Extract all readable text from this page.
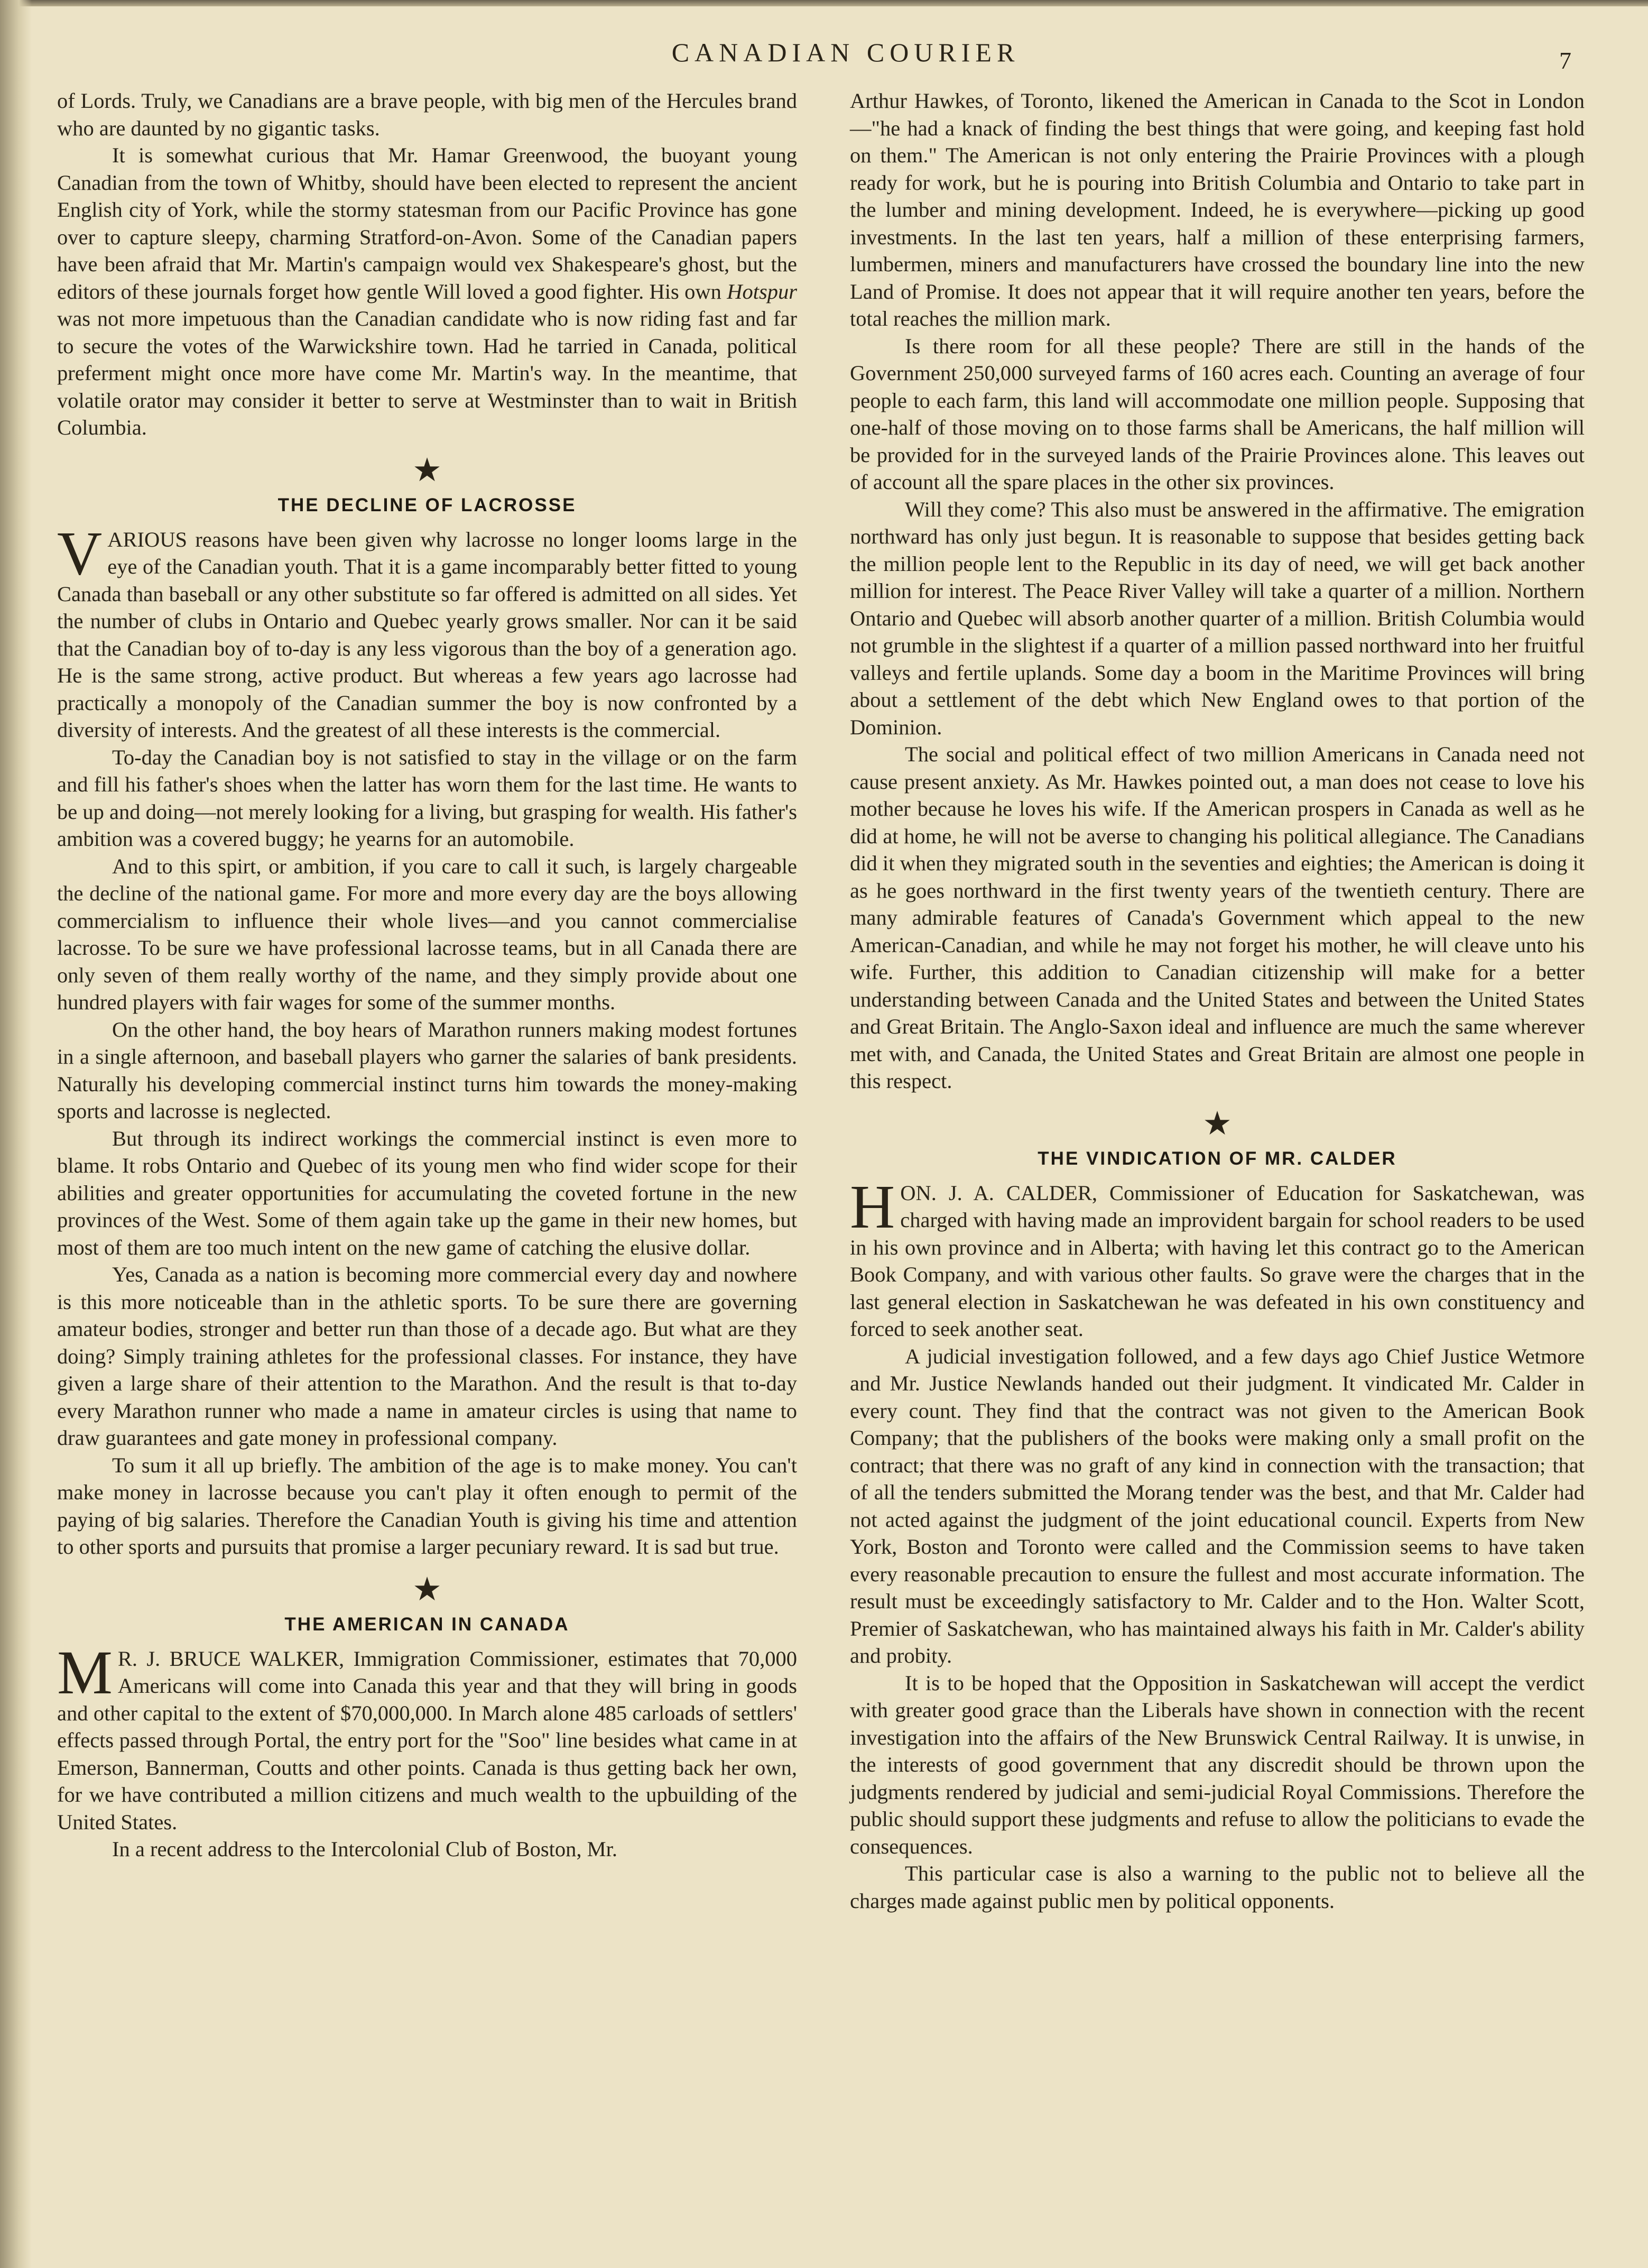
CANADIAN COURIER	7

of Lords. Truly, we Canadians are a brave people, with big men of the Hercules brand who are daunted by no gigantic tasks.

It is somewhat curious that Mr. Hamar Greenwood, the buoyant young Canadian from the town of Whitby, should have been elected to represent the ancient English city of York, while the stormy statesman from our Pacific Province has gone over to capture sleepy, charming Stratford-on-Avon. Some of the Canadian papers have been afraid that Mr. Martin's campaign would vex Shakespeare's ghost, but the editors of these journals forget how gentle Will loved a good fighter. His own Hotspur was not more impetuous than the Canadian candidate who is now riding fast and far to secure the votes of the Warwickshire town. Had he tarried in Canada, political preferment might once more have come Mr. Martin's way. In the meantime, that volatile orator may consider it better to serve at Westminster than to wait in British Columbia.

★
THE DECLINE OF LACROSSE

VARIOUS reasons have been given why lacrosse no longer looms large in the eye of the Canadian youth. That it is a game incomparably better fitted to young Canada than baseball or any other substitute so far offered is admitted on all sides. Yet the number of clubs in Ontario and Quebec yearly grows smaller. Nor can it be said that the Canadian boy of to-day is any less vigorous than the boy of a generation ago. He is the same strong, active product. But whereas a few years ago lacrosse had practically a monopoly of the Canadian summer the boy is now confronted by a diversity of interests. And the greatest of all these interests is the commercial.

To-day the Canadian boy is not satisfied to stay in the village or on the farm and fill his father's shoes when the latter has worn them for the last time. He wants to be up and doing—not merely looking for a living, but grasping for wealth. His father's ambition was a covered buggy; he yearns for an automobile.

And to this spirt, or ambition, if you care to call it such, is largely chargeable the decline of the national game. For more and more every day are the boys allowing commercialism to influence their whole lives—and you cannot commercialise lacrosse. To be sure we have professional lacrosse teams, but in all Canada there are only seven of them really worthy of the name, and they simply provide about one hundred players with fair wages for some of the summer months.

On the other hand, the boy hears of Marathon runners making modest fortunes in a single afternoon, and baseball players who garner the salaries of bank presidents. Naturally his developing commercial instinct turns him towards the money-making sports and lacrosse is neglected.

But through its indirect workings the commercial instinct is even more to blame. It robs Ontario and Quebec of its young men who find wider scope for their abilities and greater opportunities for accumulating the coveted fortune in the new provinces of the West. Some of them again take up the game in their new homes, but most of them are too much intent on the new game of catching the elusive dollar.

Yes, Canada as a nation is becoming more commercial every day and nowhere is this more noticeable than in the athletic sports. To be sure there are governing amateur bodies, stronger and better run than those of a decade ago. But what are they doing? Simply training athletes for the professional classes. For instance, they have given a large share of their attention to the Marathon. And the result is that to-day every Marathon runner who made a name in amateur circles is using that name to draw guarantees and gate money in professional company.

To sum it all up briefly. The ambition of the age is to make money. You can't make money in lacrosse because you can't play it often enough to permit of the paying of big salaries. Therefore the Canadian Youth is giving his time and attention to other sports and pursuits that promise a larger pecuniary reward. It is sad but true.

★
THE AMERICAN IN CANADA

MR. J. BRUCE WALKER, Immigration Commissioner, estimates that 70,000 Americans will come into Canada this year and that they will bring in goods and other capital to the extent of $70,000,000. In March alone 485 carloads of settlers' effects passed through Portal, the entry port for the "Soo" line besides what came in at Emerson, Bannerman, Coutts and other points. Canada is thus getting back her own, for we have contributed a million citizens and much wealth to the upbuilding of the United States.

In a recent address to the Intercolonial Club of Boston, Mr.

Arthur Hawkes, of Toronto, likened the American in Canada to the Scot in London—"he had a knack of finding the best things that were going, and keeping fast hold on them." The American is not only entering the Prairie Provinces with a plough ready for work, but he is pouring into British Columbia and Ontario to take part in the lumber and mining development. Indeed, he is everywhere—picking up good investments. In the last ten years, half a million of these enterprising farmers, lumbermen, miners and manufacturers have crossed the boundary line into the new Land of Promise. It does not appear that it will require another ten years, before the total reaches the million mark.

Is there room for all these people? There are still in the hands of the Government 250,000 surveyed farms of 160 acres each. Counting an average of four people to each farm, this land will accommodate one million people. Supposing that one-half of those moving on to those farms shall be Americans, the half million will be provided for in the surveyed lands of the Prairie Provinces alone. This leaves out of account all the spare places in the other six provinces.

Will they come? This also must be answered in the affirmative. The emigration northward has only just begun. It is reasonable to suppose that besides getting back the million people lent to the Republic in its day of need, we will get back another million for interest. The Peace River Valley will take a quarter of a million. Northern Ontario and Quebec will absorb another quarter of a million. British Columbia would not grumble in the slightest if a quarter of a million passed northward into her fruitful valleys and fertile uplands. Some day a boom in the Maritime Provinces will bring about a settlement of the debt which New England owes to that portion of the Dominion.

The social and political effect of two million Americans in Canada need not cause present anxiety. As Mr. Hawkes pointed out, a man does not cease to love his mother because he loves his wife. If the American prospers in Canada as well as he did at home, he will not be averse to changing his political allegiance. The Canadians did it when they migrated south in the seventies and eighties; the American is doing it as he goes northward in the first twenty years of the twentieth century. There are many admirable features of Canada's Government which appeal to the new American-Canadian, and while he may not forget his mother, he will cleave unto his wife. Further, this addition to Canadian citizenship will make for a better understanding between Canada and the United States and between the United States and Great Britain. The Anglo-Saxon ideal and influence are much the same wherever met with, and Canada, the United States and Great Britain are almost one people in this respect.

★
THE VINDICATION OF MR. CALDER

HON. J. A. CALDER, Commissioner of Education for Saskatchewan, was charged with having made an improvident bargain for school readers to be used in his own province and in Alberta; with having let this contract go to the American Book Company, and with various other faults. So grave were the charges that in the last general election in Saskatchewan he was defeated in his own constituency and forced to seek another seat.

A judicial investigation followed, and a few days ago Chief Justice Wetmore and Mr. Justice Newlands handed out their judgment. It vindicated Mr. Calder in every count. They find that the contract was not given to the American Book Company; that the publishers of the books were making only a small profit on the contract; that there was no graft of any kind in connection with the transaction; that of all the tenders submitted the Morang tender was the best, and that Mr. Calder had not acted against the judgment of the joint educational council. Experts from New York, Boston and Toronto were called and the Commission seems to have taken every reasonable precaution to ensure the fullest and most accurate information. The result must be exceedingly satisfactory to Mr. Calder and to the Hon. Walter Scott, Premier of Saskatchewan, who has maintained always his faith in Mr. Calder's ability and probity.

It is to be hoped that the Opposition in Saskatchewan will accept the verdict with greater good grace than the Liberals have shown in connection with the recent investigation into the affairs of the New Brunswick Central Railway. It is unwise, in the interests of good government that any discredit should be thrown upon the judgments rendered by judicial and semi-judicial Royal Commissions. Therefore the public should support these judgments and refuse to allow the politicians to evade the consequences.

This particular case is also a warning to the public not to believe all the charges made against public men by political opponents.
